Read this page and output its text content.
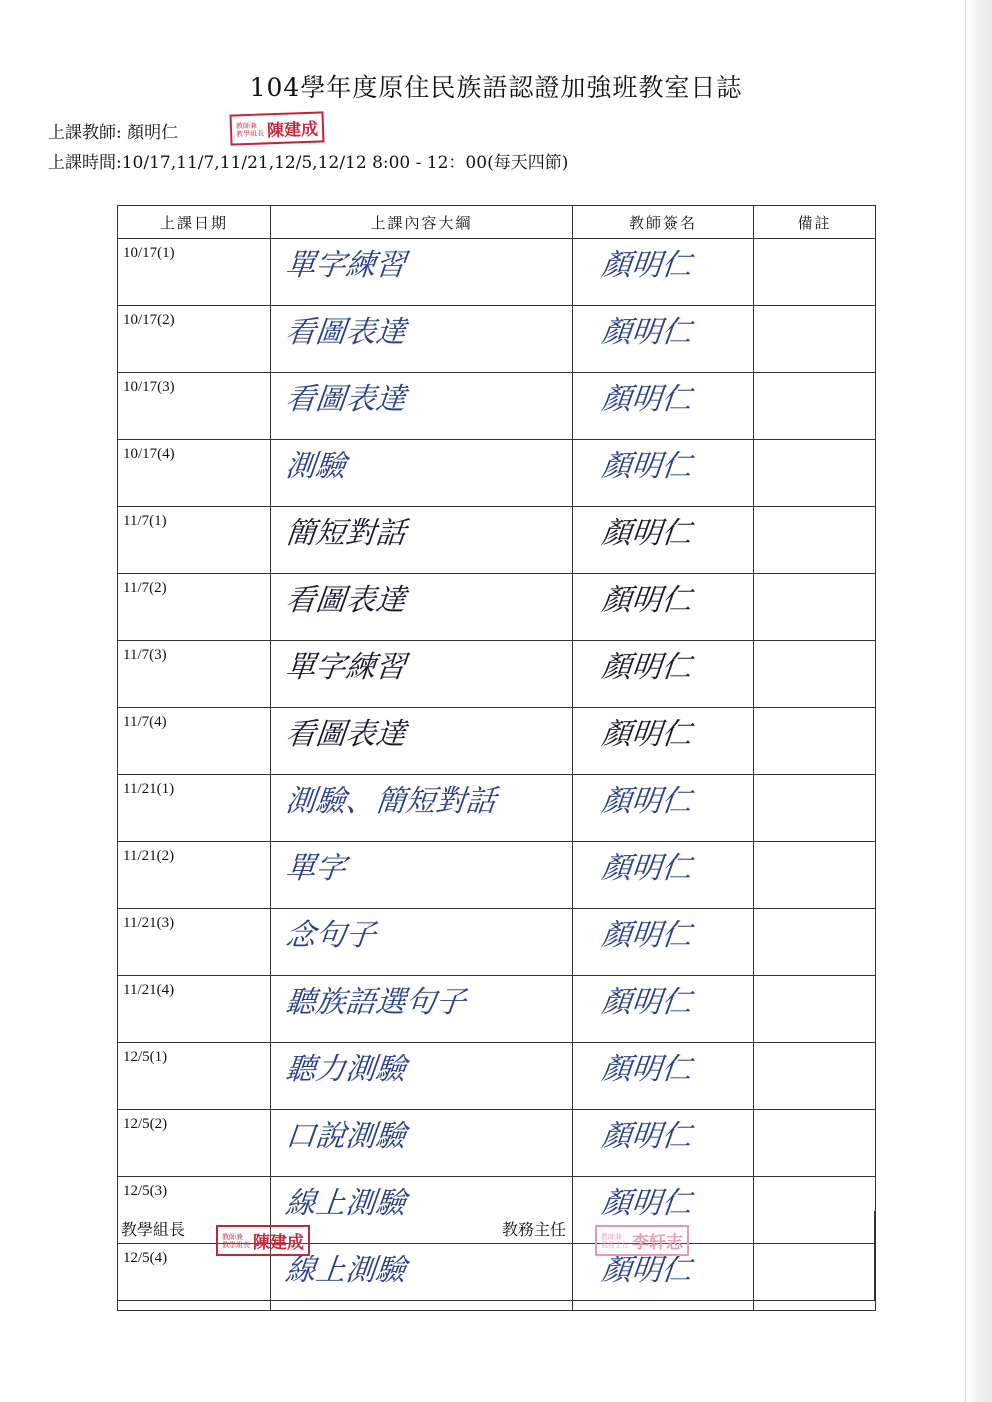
104學年度原住民族語認證加強班教室日誌
上課教師: 顏明仁	教師兼
教學組長 陳建成
上課時間:10/17,11/7,11/21,12/5,12/12 8:00 - 12：00(每天四節)
上課日期	上課內容大綱	教師簽名	備註
10/17(1)	單字練習	顏明仁	
10/17(2)	看圖表達	顏明仁	
10/17(3)	看圖表達	顏明仁	
10/17(4)	測驗	顏明仁	
11/7(1)	簡短對話	顏明仁	
11/7(2)	看圖表達	顏明仁	
11/7(3)	單字練習	顏明仁	
11/7(4)	看圖表達	顏明仁	
11/21(1)	測驗、簡短對話	顏明仁	
11/21(2)	單字	顏明仁	
11/21(3)	念句子	顏明仁	
11/21(4)	聽族語選句子	顏明仁	
12/5(1)	聽力測驗	顏明仁	
12/5(2)	口說測驗	顏明仁	
12/5(3)	線上測驗	顏明仁	
12/5(4)	線上測驗	顏明仁	
教學組長	教師兼
教學組長 陳建成
教務主任	教師兼
教務主任 李轩志
